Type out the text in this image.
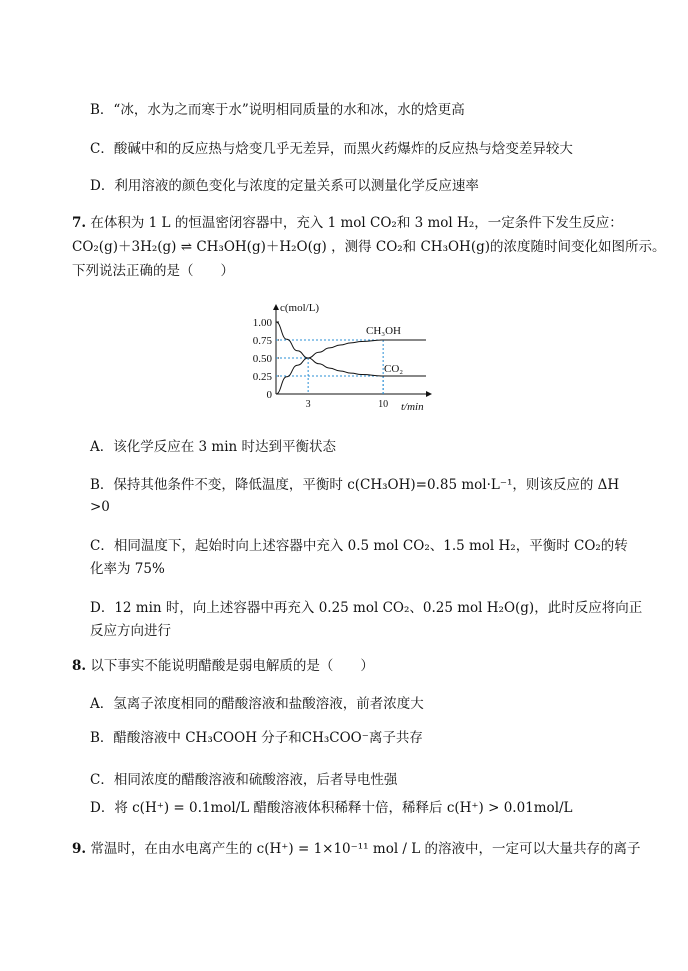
B．“冰，水为之而寒于水”说明相同质量的水和冰，水的焓更高
C．酸碱中和的反应热与焓变几乎无差异，而黑火药爆炸的反应热与焓变差异较大
D．利用溶液的颜色变化与浓度的定量关系可以测量化学反应速率
7. 在体积为 1 L 的恒温密闭容器中，充入 1 mol CO₂和 3 mol H₂，一定条件下发生反应：
CO₂(g)＋3H₂(g) ⇌ CH₃OH(g)＋H₂O(g) ，测得 CO₂和 CH₃OH(g)的浓度随时间变化如图所示。
下列说法正确的是（　　）
c(mol/L)
t/min
0
0.25
0.50
0.75
1.00
3	10
CH₃OH
CO₂
A．该化学反应在 3 min 时达到平衡状态
B．保持其他条件不变，降低温度，平衡时 c(CH₃OH)=0.85 mol·L⁻¹，则该反应的 ΔH
>0
C．相同温度下，起始时向上述容器中充入 0.5 mol CO₂、1.5 mol H₂，平衡时 CO₂的转
化率为 75%
D．12 min 时，向上述容器中再充入 0.25 mol CO₂、0.25 mol H₂O(g)，此时反应将向正
反应方向进行
8. 以下事实不能说明醋酸是弱电解质的是（　　）
A．氢离子浓度相同的醋酸溶液和盐酸溶液，前者浓度大
B．醋酸溶液中 CH₃COOH 分子和CH₃COO⁻离子共存
C．相同浓度的醋酸溶液和硫酸溶液，后者导电性强
D．将 c(H⁺) = 0.1mol/L 醋酸溶液体积稀释十倍，稀释后 c(H⁺) > 0.01mol/L
9. 常温时，在由水电离产生的 c(H⁺) = 1×10⁻¹¹ mol / L 的溶液中，一定可以大量共存的离子
